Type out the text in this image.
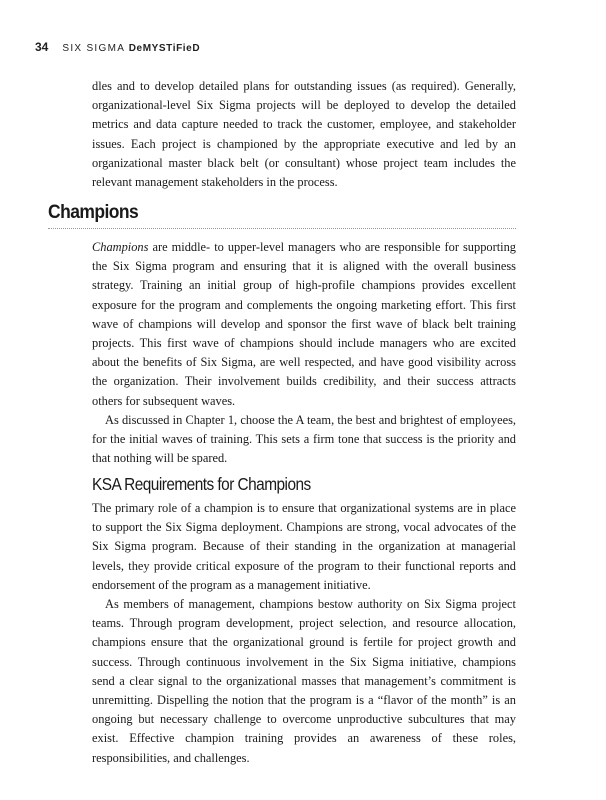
34 SIX SIGMA DeMYSTiFieD

dles and to develop detailed plans for outstanding issues (as required). Generally, organizational-level Six Sigma projects will be deployed to develop the detailed metrics and data capture needed to track the customer, employee, and stakeholder issues. Each project is championed by the appropriate executive and led by an organizational master black belt (or consultant) whose project team includes the relevant management stakeholders in the process.

Champions

Champions are middle- to upper-level managers who are responsible for supporting the Six Sigma program and ensuring that it is aligned with the overall business strategy. Training an initial group of high-profile champions provides excellent exposure for the program and complements the ongoing marketing effort. This first wave of champions will develop and sponsor the first wave of black belt training projects. This first wave of champions should include managers who are excited about the benefits of Six Sigma, are well respected, and have good visibility across the organization. Their involvement builds credibility, and their success attracts others for subsequent waves.

As discussed in Chapter 1, choose the A team, the best and brightest of employees, for the initial waves of training. This sets a firm tone that success is the priority and that nothing will be spared.

KSA Requirements for Champions

The primary role of a champion is to ensure that organizational systems are in place to support the Six Sigma deployment. Champions are strong, vocal advocates of the Six Sigma program. Because of their standing in the organization at managerial levels, they provide critical exposure of the program to their functional reports and endorsement of the program as a management initiative.

As members of management, champions bestow authority on Six Sigma project teams. Through program development, project selection, and resource allocation, champions ensure that the organizational ground is fertile for project growth and success. Through continuous involvement in the Six Sigma initiative, champions send a clear signal to the organizational masses that management’s commitment is unremitting. Dispelling the notion that the program is a “flavor of the month” is an ongoing but necessary challenge to overcome unproductive subcultures that may exist. Effective champion training provides an awareness of these roles, responsibilities, and challenges.
